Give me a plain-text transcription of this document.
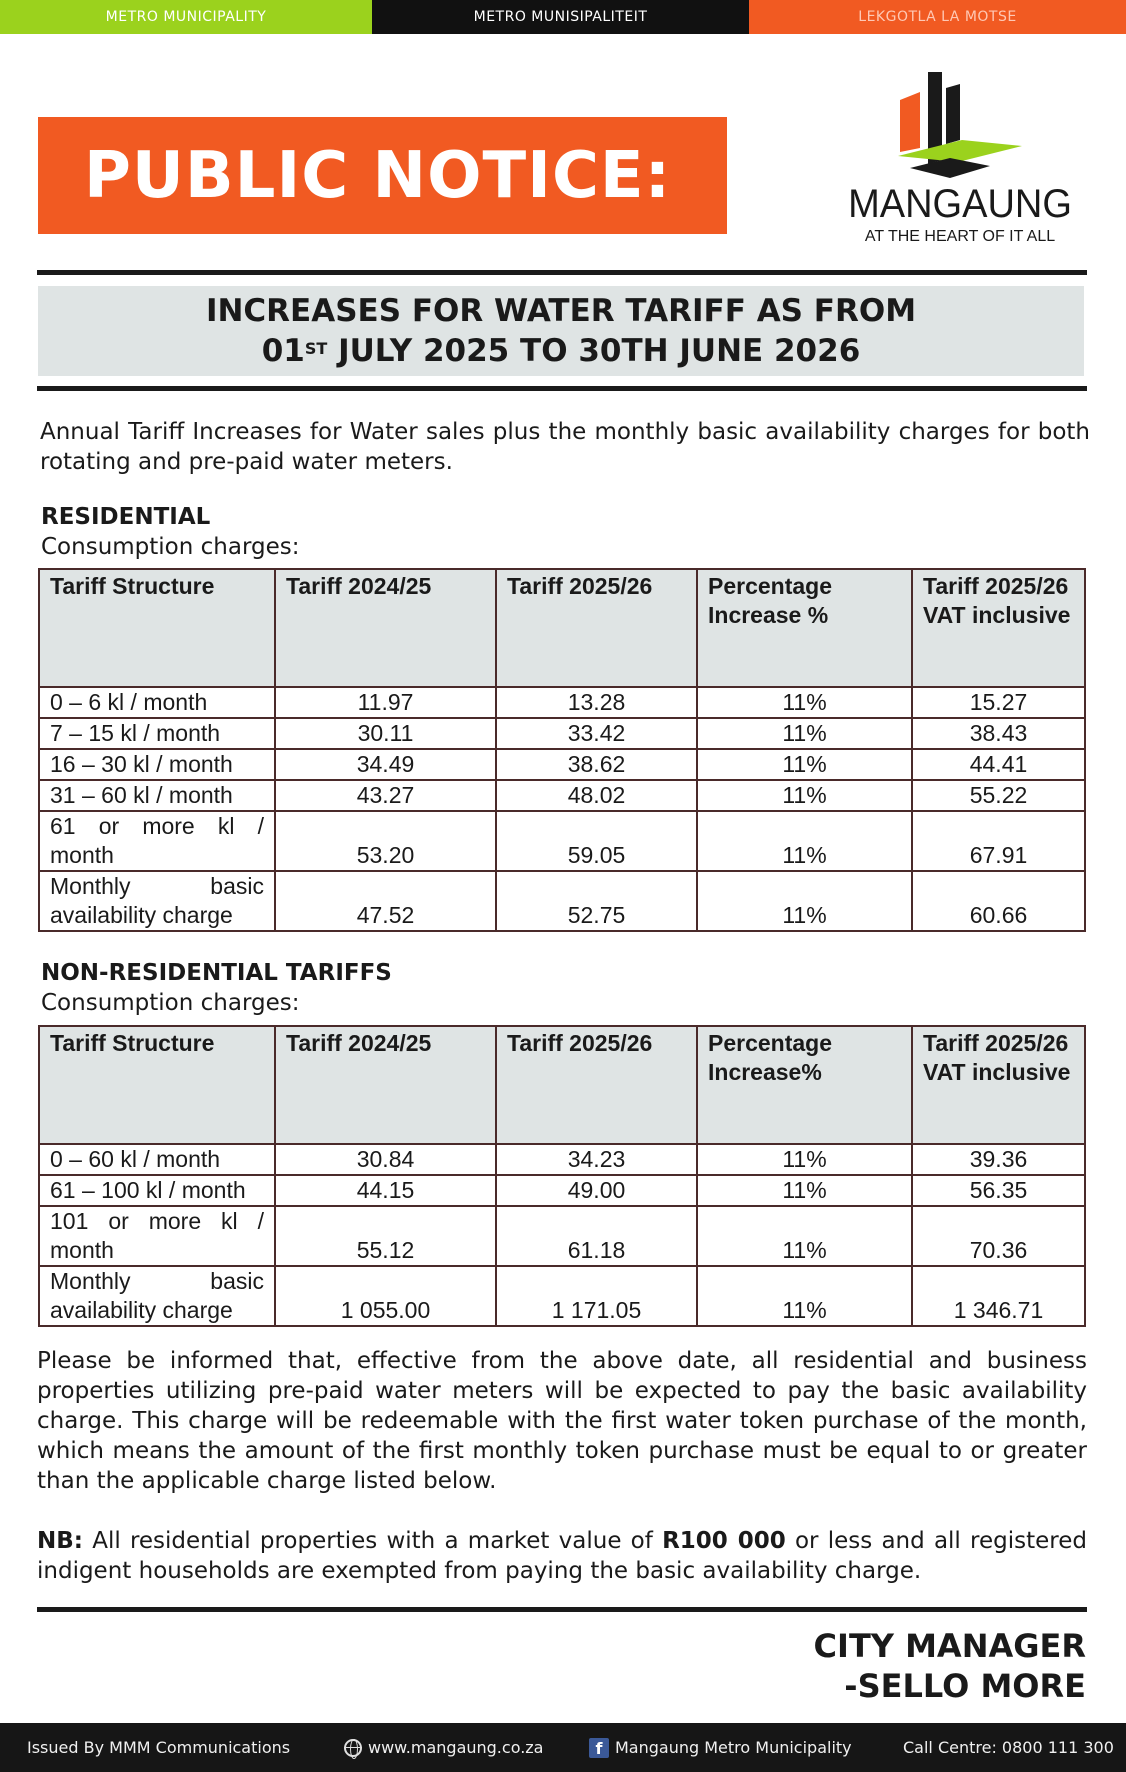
METRO MUNICIPALITY	METRO MUNISIPALITEIT	LEKGOTLA LA MOTSE
PUBLIC NOTICE:	MANGAUNG
AT THE HEART OF IT ALL
INCREASES FOR WATER TARIFF AS FROM
01ST JULY 2025 TO 30TH JUNE 2026
Annual Tariff Increases for Water sales plus the monthly basic availability charges for both rotating and pre-paid water meters.
RESIDENTIAL
Consumption charges:
Tariff Structure	Tariff 2024/25	Tariff 2025/26	Percentage Increase %	Tariff 2025/26 VAT inclusive
0 – 6 kl / month	11.97	13.28	11%	15.27
7 – 15 kl / month	30.11	33.42	11%	38.43
16 – 30 kl / month	34.49	38.62	11%	44.41
31 – 60 kl / month	43.27	48.02	11%	55.22
61 or more kl / month	53.20	59.05	11%	67.91
Monthly basic availability charge	47.52	52.75	11%	60.66
NON-RESIDENTIAL TARIFFS
Consumption charges:
Tariff Structure	Tariff 2024/25	Tariff 2025/26	Percentage Increase%	Tariff 2025/26 VAT inclusive
0 – 60 kl / month	30.84	34.23	11%	39.36
61 – 100 kl / month	44.15	49.00	11%	56.35
101 or more kl / month	55.12	61.18	11%	70.36
Monthly basic availability charge	1 055.00	1 171.05	11%	1 346.71
Please be informed that, effective from the above date, all residential and business properties utilizing pre-paid water meters will be expected to pay the basic availability charge. This charge will be redeemable with the first water token purchase of the month, which means the amount of the first monthly token purchase must be equal to or greater than the applicable charge listed below.
NB: All residential properties with a market value of R100 000 or less and all registered indigent households are exempted from paying the basic availability charge.
CITY MANAGER
-SELLO MORE
Issued By MMM Communications	www.mangaung.co.za	f Mangaung Metro Municipality	Call Centre: 0800 111 300
